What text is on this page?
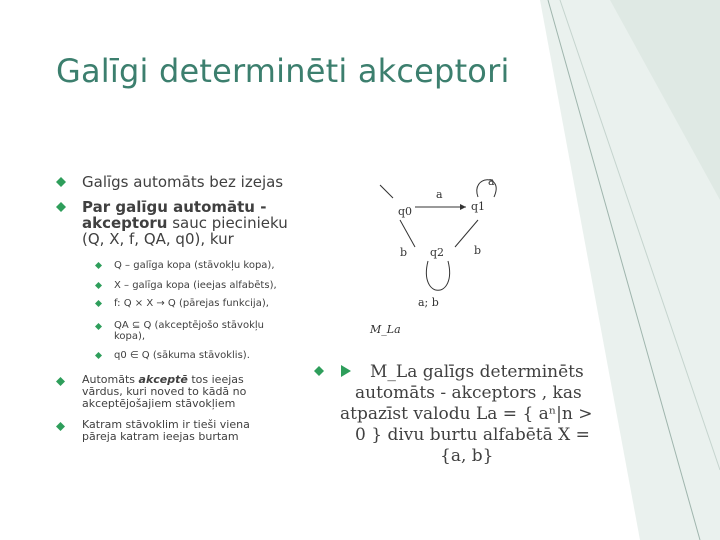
Galīgi determinēti akceptori
Galīgs automāts bez izejas
Par galīgu automātu - akceptoru sauc piecinieku (Q, X, f, QA, q0), kur
Q – galīga kopa (stāvokļu kopa),
X – galīga kopa (ieejas alfabēts),
f: Q × X → Q (pārejas funkcija),
QA ⊆ Q (akceptējošo stāvokļu kopa),
q0 ∈ Q (sākuma stāvoklis).
Automāts akceptē tos ieejas vārdus, kuri noved to kādā no akceptējošajiem stāvokļiem
Katram stāvoklim ir tieši viena pāreja katram ieejas burtam
q0	q1
q2
a
a
b	b
a; b
M_La
M_La galīgs determinēts
automāts - akceptors , kas
atpazīst valodu La = { aⁿ|n >
0 } divu burtu alfabētā X =
{a, b}
